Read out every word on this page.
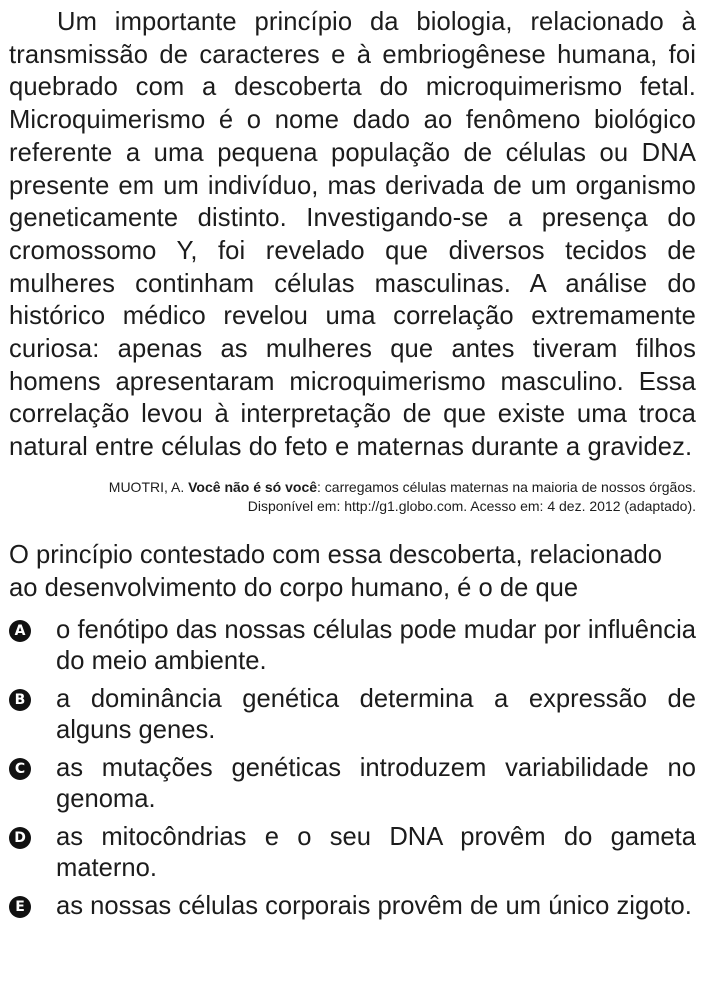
Um importante princípio da biologia, relacionado à transmissão de caracteres e à embriogênese humana, foi quebrado com a descoberta do microquimerismo fetal. Microquimerismo é o nome dado ao fenômeno biológico referente a uma pequena população de células ou DNA presente em um indivíduo, mas derivada de um organismo geneticamente distinto. Investigando-se a presença do cromossomo Y, foi revelado que diversos tecidos de mulheres continham células masculinas. A análise do histórico médico revelou uma correlação extremamente curiosa: apenas as mulheres que antes tiveram filhos homens apresentaram microquimerismo masculino. Essa correlação levou à interpretação de que existe uma troca natural entre células do feto e maternas durante a gravidez.

MUOTRI, A. Você não é só você: carregamos células maternas na maioria de nossos órgãos. Disponível em: http://g1.globo.com. Acesso em: 4 dez. 2012 (adaptado).

O princípio contestado com essa descoberta, relacionado ao desenvolvimento do corpo humano, é o de que

A o fenótipo das nossas células pode mudar por influência do meio ambiente.
B a dominância genética determina a expressão de alguns genes.
C as mutações genéticas introduzem variabilidade no genoma.
D as mitocôndrias e o seu DNA provêm do gameta materno.
E as nossas células corporais provêm de um único zigoto.
